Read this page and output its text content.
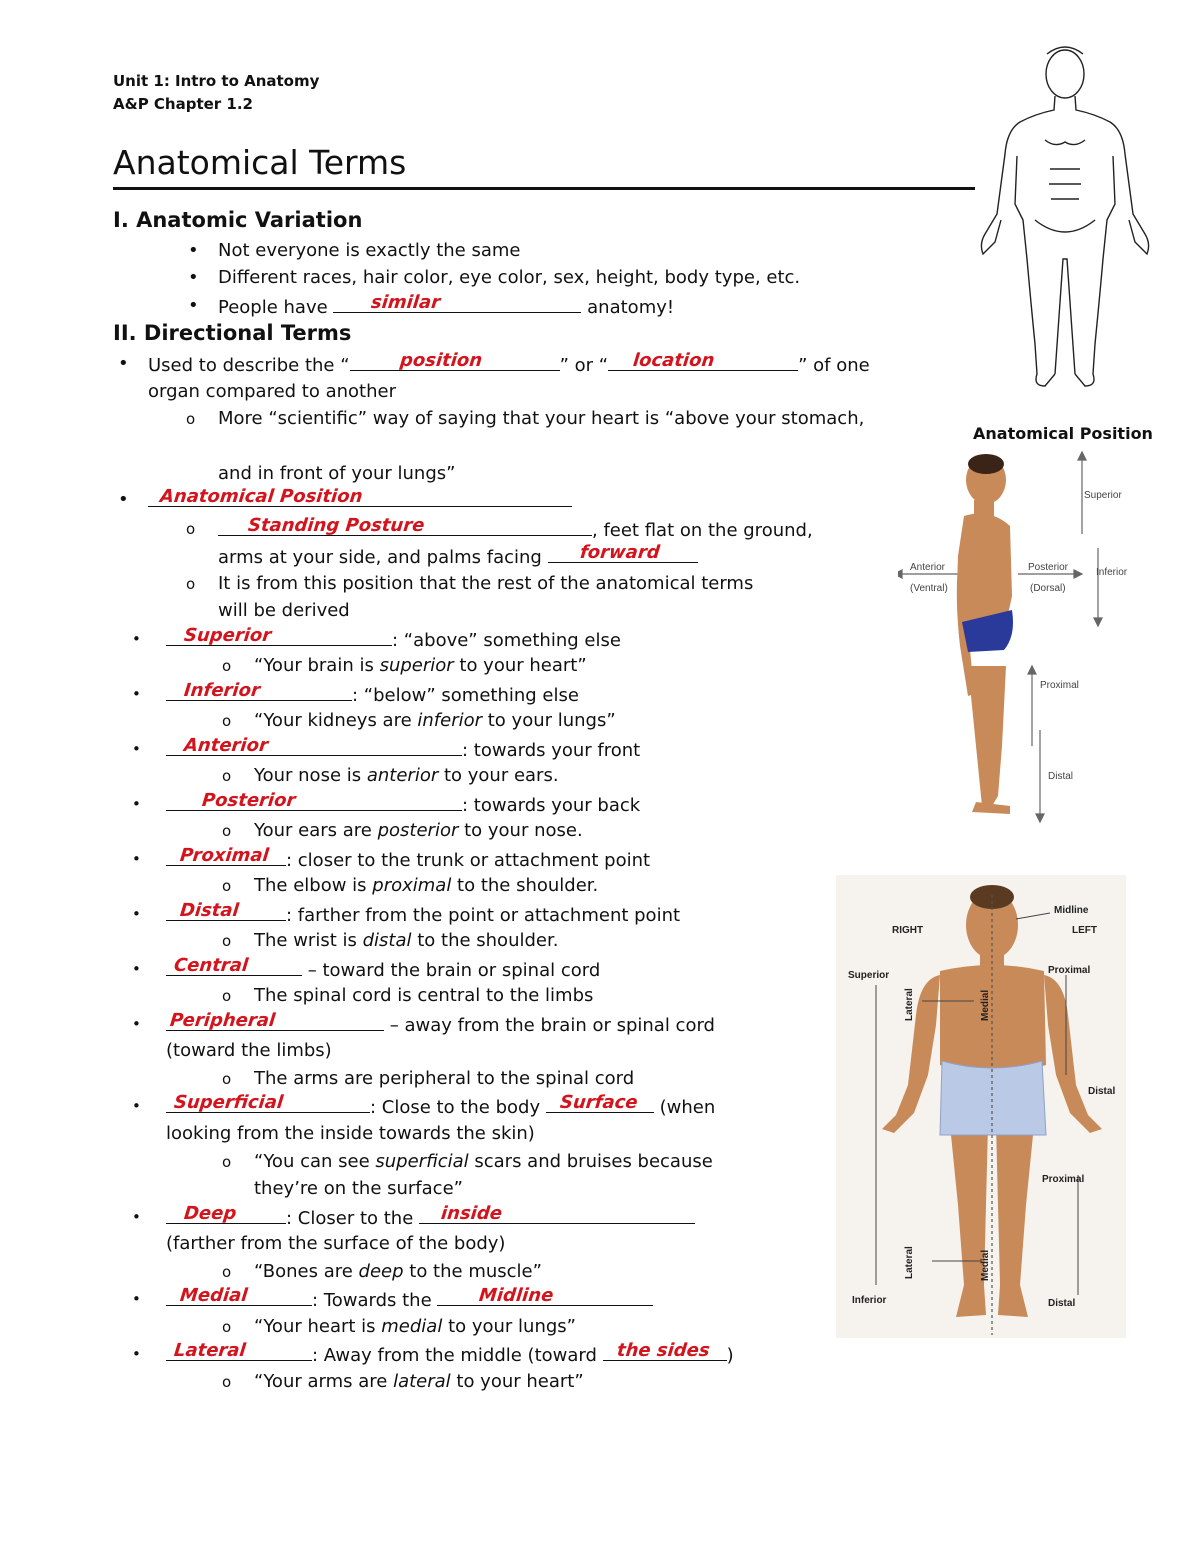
Unit 1: Intro to Anatomy
A&P Chapter 1.2
Anatomical Terms
I. Anatomic Variation
• Not everyone is exactly the same
• Different races, hair color, eye color, sex, height, body type, etc.
• People have similar	anatomy!
II. Directional Terms
• Used to describe the “	position	” or “ location	” of one
organ compared to another
o More “scientific” way of saying that your heart is “above your stomach,
and in front of your lungs”
• Anatomical Position
o	Standing Posture	, feet flat on the ground,
arms at your side, and palms facing forward
o It is from this position that the rest of the anatomical terms
will be derived
• Superior	: “above” something else
o “Your brain is superior to your heart”
• Inferior	: “below” something else
o “Your kidneys are inferior to your lungs”
• Anterior	: towards your front
o Your nose is anterior to your ears.
•	Posterior	: towards your back
o Your ears are posterior to your nose.
• Proximal : closer to the trunk or attachment point
o The elbow is proximal to the shoulder.
• Distal	: farther from the point or attachment point
o The wrist is distal to the shoulder.
• Central	– toward the brain or spinal cord
o The spinal cord is central to the limbs
• Peripheral	– away from the brain or spinal cord
(toward the limbs)
o The arms are peripheral to the spinal cord
• Superficial	: Close to the body Surface (when
looking from the inside towards the skin)
o “You can see superficial scars and bruises because
they’re on the surface”
• Deep	: Closer to the inside
(farther from the surface of the body)
o “Bones are deep to the muscle”
• Medial	: Towards the	Midline
o “Your heart is medial to your lungs”
• Lateral	: Away from the middle (toward the sides )
o “Your arms are lateral to your heart”
Anatomical Position
Superior
Inferior
Anterior
(Ventral)
Posterior
(Dorsal)
Proximal
Distal
RIGHT	LEFT
Midline
Superior
Inferior
Proximal
Distal
Proximal
Distal
Lateral	Medial
Lateral	Medial
